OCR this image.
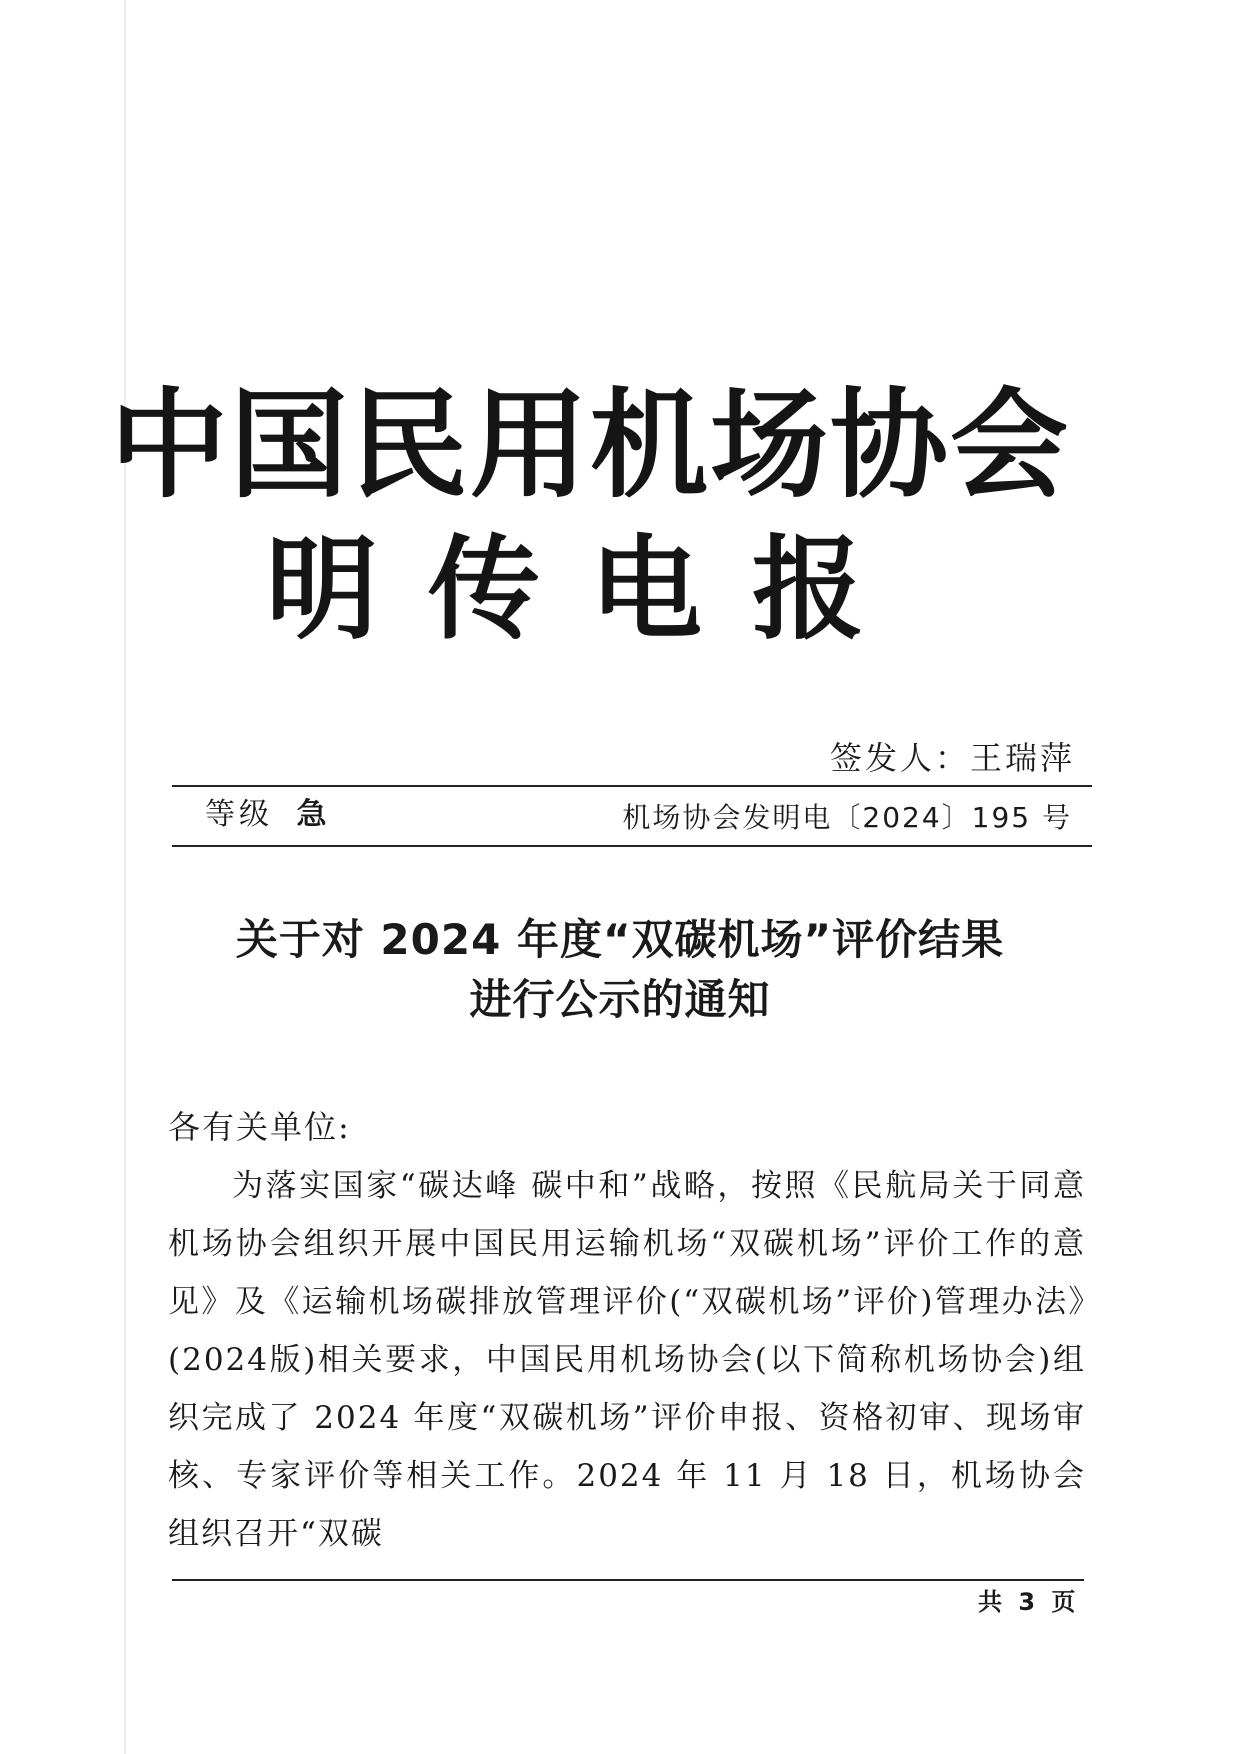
中国民用机场协会
明传电报
签发人：王瑞萍
等级 急	机场协会发明电〔2024〕195 号
关于对 2024 年度“双碳机场”评价结果
进行公示的通知
各有关单位:

为落实国家“碳达峰 碳中和”战略，按照《民航局关于同意机场协会组织开展中国民用运输机场“双碳机场”评价工作的意见》及《运输机场碳排放管理评价(“双碳机场”评价)管理办法》(2024版)相关要求，中国民用机场协会(以下简称机场协会)组织完成了 2024 年度“双碳机场”评价申报、资格初审、现场审核、专家评价等相关工作。2024 年 11 月 18 日，机场协会组织召开“双碳

共 3 页
